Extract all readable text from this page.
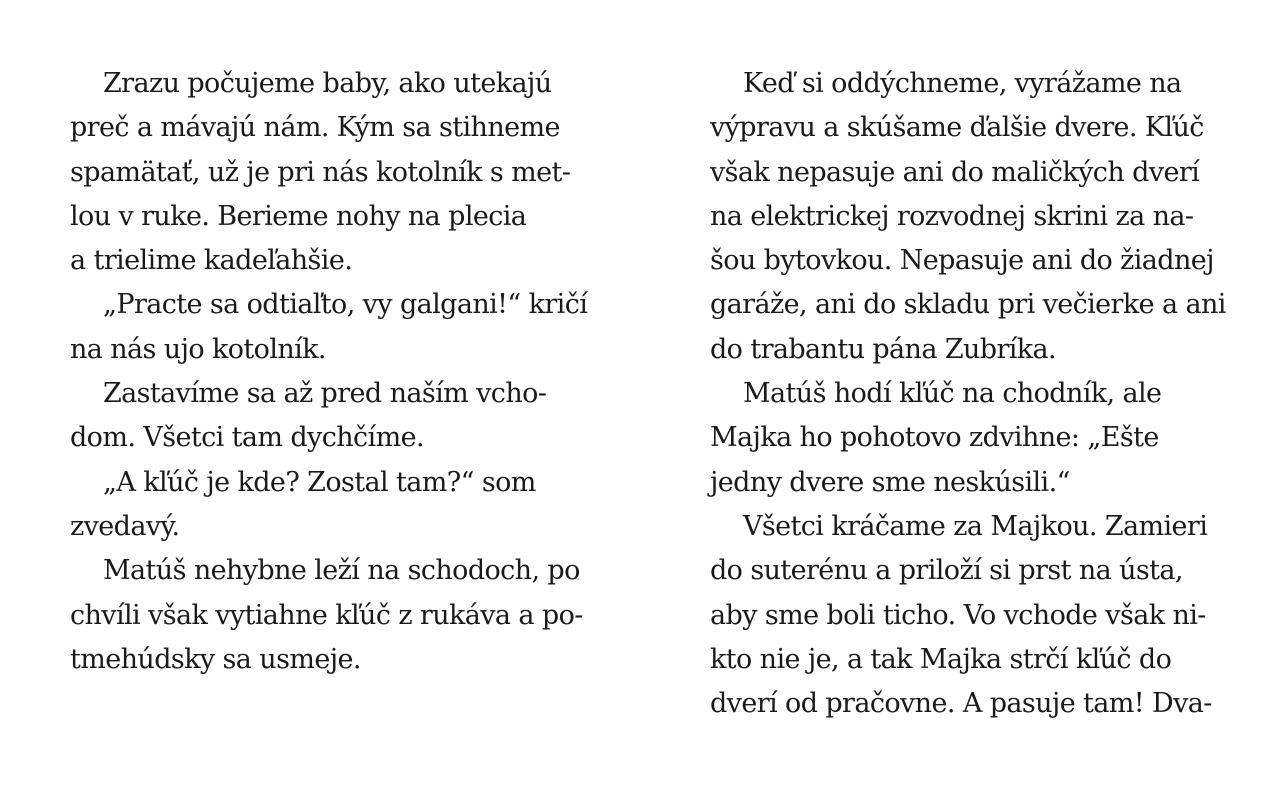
Zrazu počujeme baby, ako utekajú
preč a mávajú nám. Kým sa stihneme
spamätať, už je pri nás kotolník s met-
lou v ruke. Berieme nohy na plecia
a trielime kadeľahšie.
„Practe sa odtiaľto, vy galgani!“ kričí
na nás ujo kotolník.
Zastavíme sa až pred naším vcho-
dom. Všetci tam dychčíme.
„A kľúč je kde? Zostal tam?“ som
zvedavý.
Matúš nehybne leží na schodoch, po
chvíli však vytiahne kľúč z rukáva a po-
tmehúdsky sa usmeje.
Keď si oddýchneme, vyrážame na
výpravu a skúšame ďalšie dvere. Kľúč
však nepasuje ani do maličkých dverí
na elektrickej rozvodnej skrini za na-
šou bytovkou. Nepasuje ani do žiadnej
garáže, ani do skladu pri večierke a ani
do trabantu pána Zubríka.
Matúš hodí kľúč na chodník, ale
Majka ho pohotovo zdvihne: „Ešte
jedny dvere sme neskúsili.“
Všetci kráčame za Majkou. Zamieri
do suterénu a priloží si prst na ústa,
aby sme boli ticho. Vo vchode však ni-
kto nie je, a tak Majka strčí kľúč do
dverí od pračovne. A pasuje tam! Dva-
